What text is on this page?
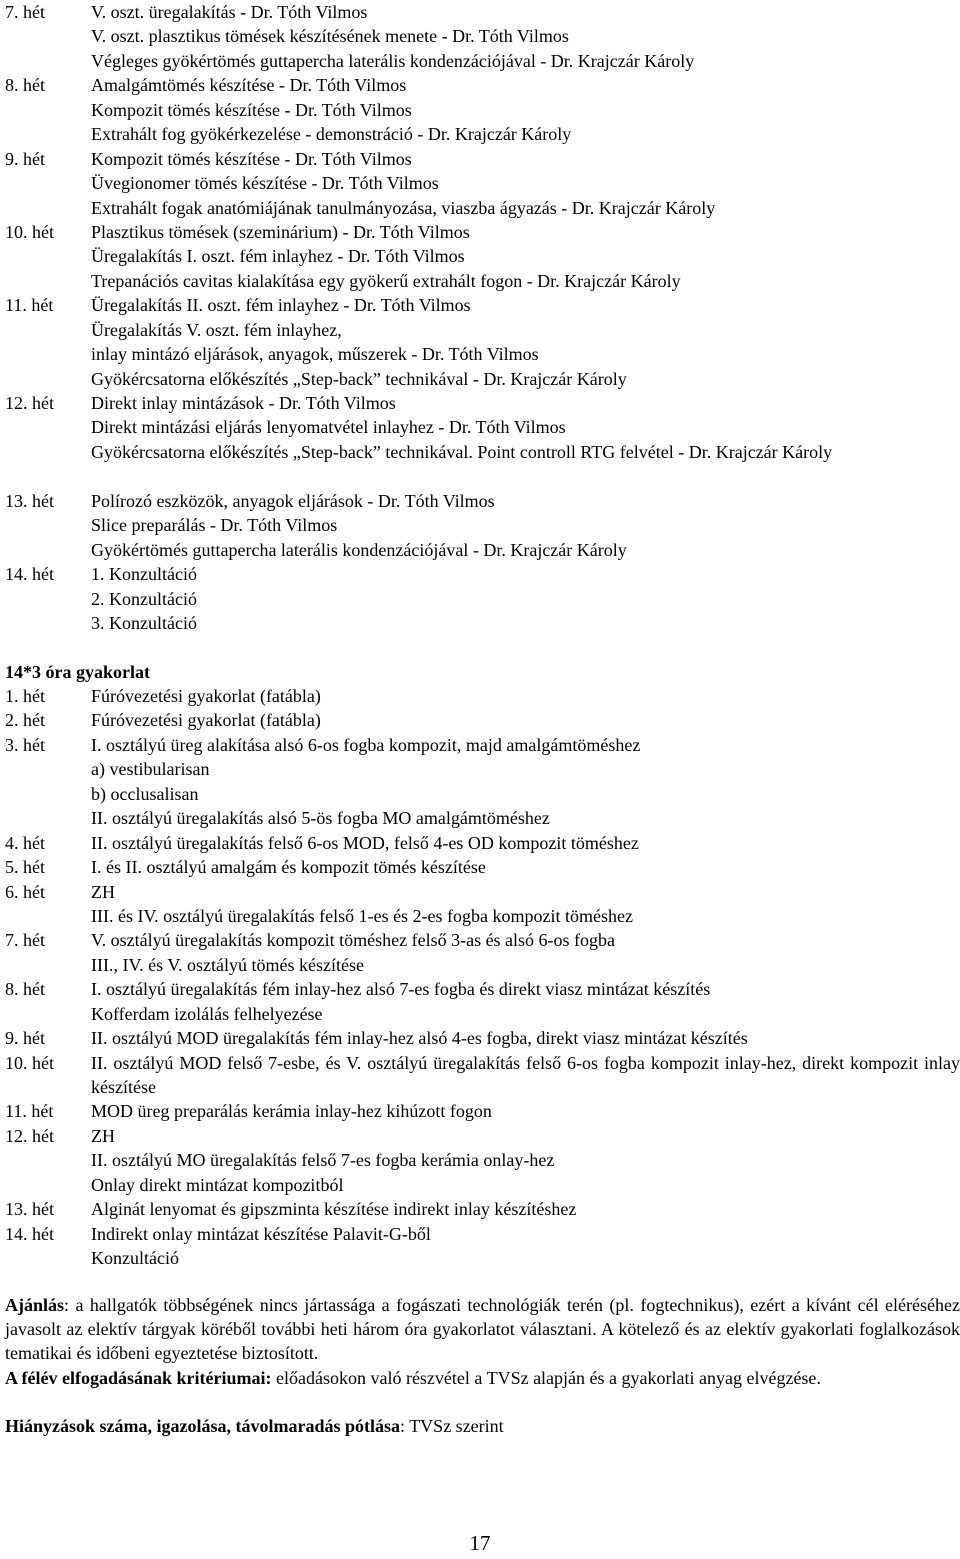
7. hét	V. oszt. üregalakítás - Dr. Tóth Vilmos
V. oszt. plasztikus tömések készítésének menete - Dr. Tóth Vilmos
Végleges gyökértömés guttapercha laterális kondenzációjával - Dr. Krajczár Károly
8. hét	Amalgámtömés készítése - Dr. Tóth Vilmos
Kompozit tömés készítése - Dr. Tóth Vilmos
Extrahált fog gyökérkezelése - demonstráció - Dr. Krajczár Károly
9. hét	Kompozit tömés készítése - Dr. Tóth Vilmos
Üvegionomer tömés készítése - Dr. Tóth Vilmos
Extrahált fogak anatómiájának tanulmányozása, viaszba ágyazás - Dr. Krajczár Károly
10. hét Plasztikus tömések (szeminárium) - Dr. Tóth Vilmos
Üregalakítás I. oszt. fém inlayhez - Dr. Tóth Vilmos
Trepanációs cavitas kialakítása egy gyökerű extrahált fogon - Dr. Krajczár Károly
11. hét Üregalakítás II. oszt. fém inlayhez - Dr. Tóth Vilmos
Üregalakítás V. oszt. fém inlayhez,
inlay mintázó eljárások, anyagok, műszerek - Dr. Tóth Vilmos
Gyökércsatorna előkészítés „Step-back” technikával - Dr. Krajczár Károly
12. hét Direkt inlay mintázások - Dr. Tóth Vilmos
Direkt mintázási eljárás lenyomatvétel inlayhez - Dr. Tóth Vilmos
Gyökércsatorna előkészítés „Step-back” technikával. Point controll RTG felvétel - Dr. Krajczár Károly
13. hét Polírozó eszközök, anyagok eljárások - Dr. Tóth Vilmos
Slice preparálás - Dr. Tóth Vilmos
Gyökértömés guttapercha laterális kondenzációjával - Dr. Krajczár Károly
14. hét 1. Konzultáció
2. Konzultáció
3. Konzultáció
14*3 óra gyakorlat
1. hét	Fúróvezetési gyakorlat (fatábla)
2. hét	Fúróvezetési gyakorlat (fatábla)
3. hét	I. osztályú üreg alakítása alsó 6-os fogba kompozit, majd amalgámtöméshez
a) vestibularisan
b) occlusalisan
II. osztályú üregalakítás alsó 5-ös fogba MO amalgámtöméshez
4. hét	II. osztályú üregalakítás felső 6-os MOD, felső 4-es OD kompozit töméshez
5. hét	I. és II. osztályú amalgám és kompozit tömés készítése
6. hét	ZH
III. és IV. osztályú üregalakítás felső 1-es és 2-es fogba kompozit töméshez
7. hét	V. osztályú üregalakítás kompozit töméshez felső 3-as és alsó 6-os fogba
III., IV. és V. osztályú tömés készítése
8. hét	I. osztályú üregalakítás fém inlay-hez alsó 7-es fogba és direkt viasz mintázat készítés
Kofferdam izolálás felhelyezése
9. hét	II. osztályú MOD üregalakítás fém inlay-hez alsó 4-es fogba, direkt viasz mintázat készítés
10. hét II. osztályú MOD felső 7-esbe, és V. osztályú üregalakítás felső 6-os fogba kompozit inlay-hez, direkt kompozit inlay készítése
11. hét MOD üreg preparálás kerámia inlay-hez kihúzott fogon
12. hét ZH
II. osztályú MO üregalakítás felső 7-es fogba kerámia onlay-hez
Onlay direkt mintázat kompozitból
13. hét Alginát lenyomat és gipszminta készítése indirekt inlay készítéshez
14. hét Indirekt onlay mintázat készítése Palavit-G-ből
Konzultáció

Ajánlás: a hallgatók többségének nincs jártassága a fogászati technológiák terén (pl. fogtechnikus), ezért a kívánt cél eléréséhez javasolt az elektív tárgyak köréből további heti három óra gyakorlatot választani. A kötelező és az elektív gyakorlati foglalkozások tematikai és időbeni egyeztetése biztosított.

A félév elfogadásának kritériumai: előadásokon való részvétel a TVSz alapján és a gyakorlati anyag elvégzése.

Hiányzások száma, igazolása, távolmaradás pótlása: TVSz szerint

17
